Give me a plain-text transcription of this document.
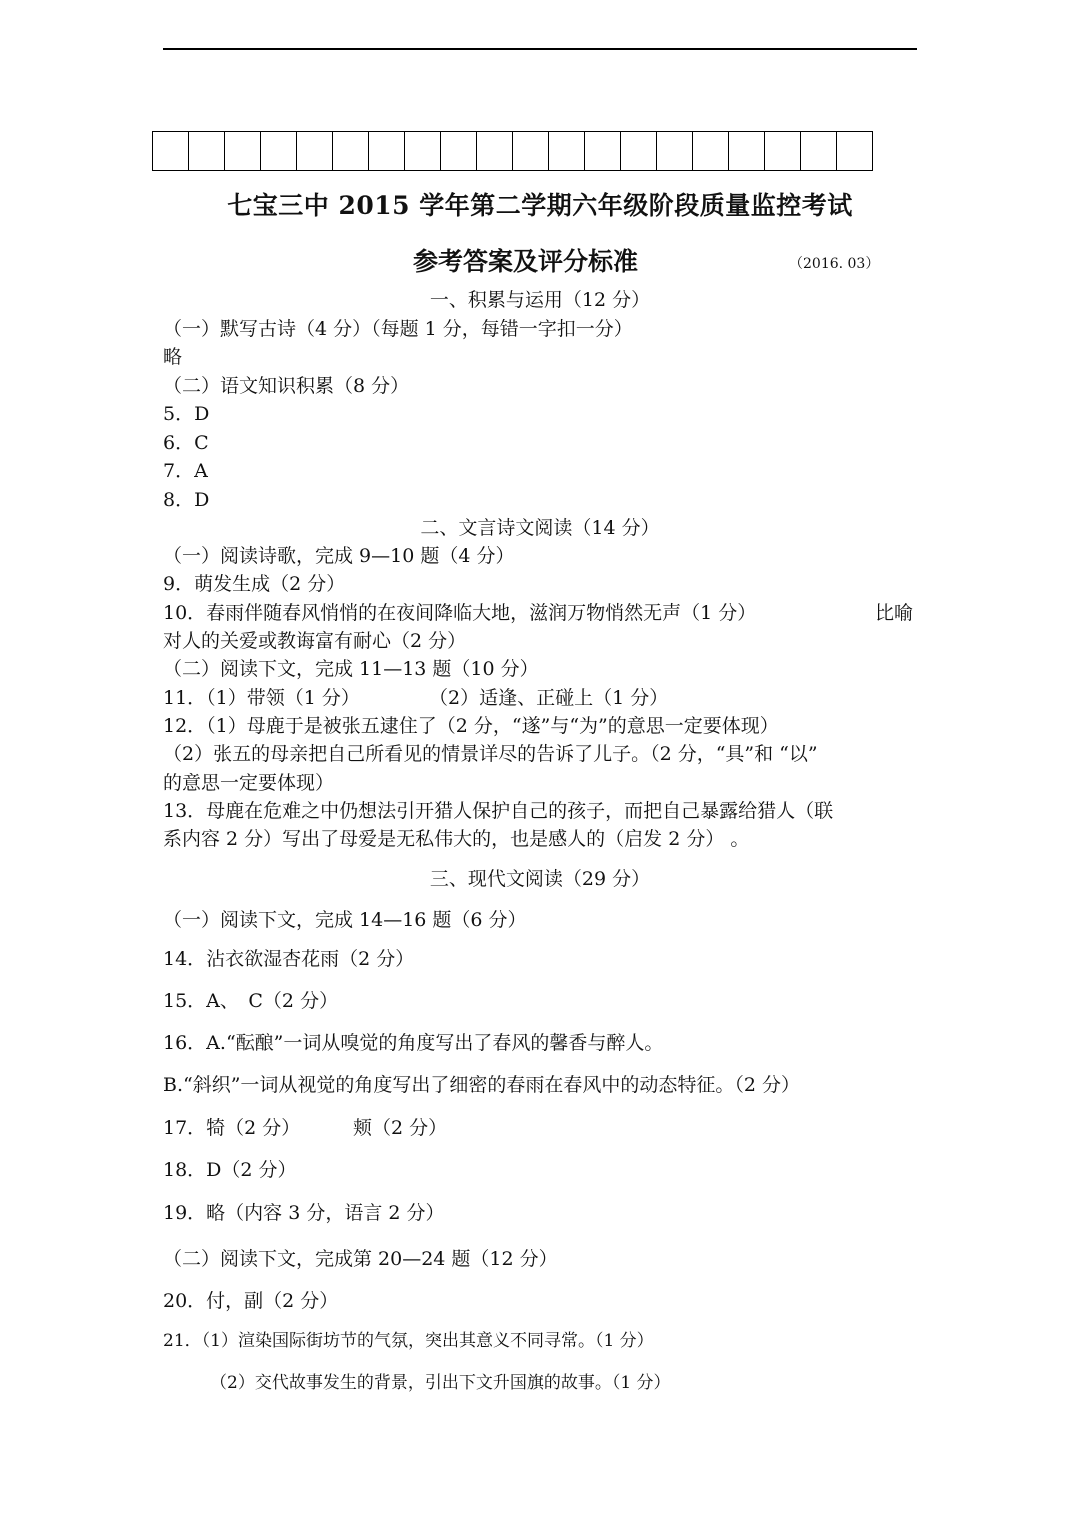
七宝三中 2015 学年第二学期六年级阶段质量监控考试
参考答案及评分标准	（2016. 03）
一、积累与运用（12 分）
（一）默写古诗（4 分）（每题 1 分，每错一字扣一分）
略
（二）语文知识积累（8 分）
5．D
6．C
7．A
8．D
二、文言诗文阅读（14 分）
（一）阅读诗歌，完成 9—10 题（4 分）
9．萌发生成（2 分）
10．春雨伴随春风悄悄的在夜间降临大地，滋润万物悄然无声（1 分）	比喻
对人的关爱或教诲富有耐心（2 分）
（二）阅读下文，完成 11—13 题（10 分）
11．（1）带领（1 分）	（2）适逢、正碰上（1 分）
12．（1）母鹿于是被张五逮住了（2 分，“遂”与“为”的意思一定要体现）
（2）张五的母亲把自己所看见的情景详尽的告诉了儿子。（2 分，“具”和 “以”
的意思一定要体现）
13．母鹿在危难之中仍想法引开猎人保护自己的孩子，而把自己暴露给猎人（联
系内容 2 分）写出了母爱是无私伟大的，也是感人的（启发 2 分） 。
三、现代文阅读（29 分）
（一）阅读下文，完成 14—16 题（6 分）
14．沾衣欲湿杏花雨（2 分）
15．A、　C（2 分）
16．A.“酝酿”一词从嗅觉的角度写出了春风的馨香与醉人。
B.“斜织”一词从视觉的角度写出了细密的春雨在春风中的动态特征。（2 分）
17．犄（2 分）	颊（2 分）
18．D（2 分）
19．略（内容 3 分，语言 2 分）
（二）阅读下文，完成第 20—24 题（12 分）
20．付，副（2 分）
21．（1）渲染国际街坊节的气氛，突出其意义不同寻常。（1 分）
（2）交代故事发生的背景，引出下文升国旗的故事。（1 分）
